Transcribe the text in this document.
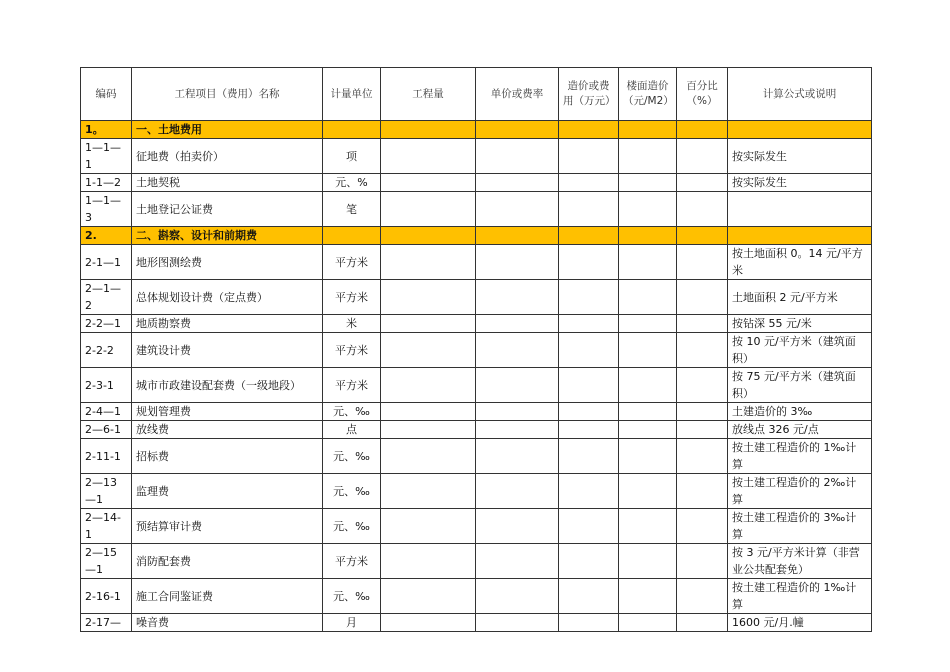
编码	工程项目（费用）名称	计量单位	工程量	单价或费率	造价或费用（万元）	楼面造价（元/M2）	百分比（%）	计算公式或说明
1。	一、土地费用							
1—1—1	征地费（拍卖价）	项						按实际发生
1-1—2	土地契税	元、%						按实际发生
1—1—3	土地登记公证费	笔						
2.	二、斟察、设计和前期费							
2-1—1	地形图测绘费	平方米						按土地面积 0。14 元/平方米
2—1—2	总体规划设计费（定点费）	平方米						土地面积 2 元/平方米
2-2—1	地质勘察费	米						按钻深 55 元/米
2-2-2	建筑设计费	平方米						按 10 元/平方米（建筑面积）
2-3-1	城市市政建设配套费（一级地段）	平方米						按 75 元/平方米（建筑面积）
2-4—1	规划管理费	元、‰						土建造价的 3‰
2—6-1	放线费	点						放线点 326 元/点
2-11-1	招标费	元、‰						按土建工程造价的 1‰计算
2—13—1	监理费	元、‰						按土建工程造价的 2‰计算
2—14-1	预结算审计费	元、‰						按土建工程造价的 3‰计算
2—15—1	消防配套费	平方米						按 3 元/平方米计算（非营业公共配套免）
2-16-1	施工合同鉴证费	元、‰						按土建工程造价的 1‰计算
2-17—	噪音费	月						1600 元/月.幢
